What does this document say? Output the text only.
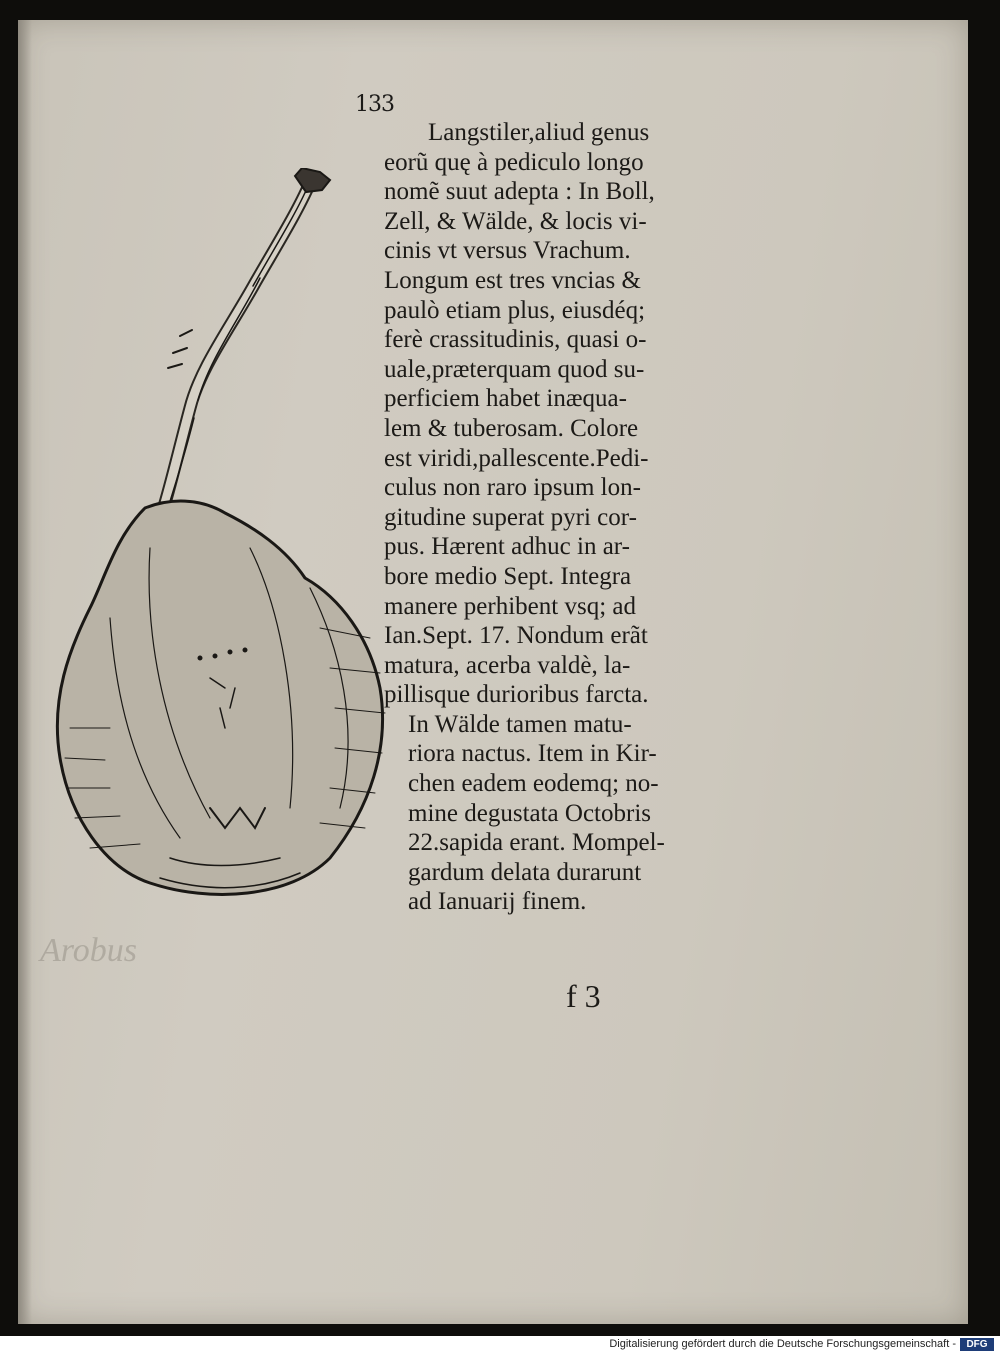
133
Arobus
Langstiler,aliud genus
eorũ quę à pediculo longo
nomẽ suut adepta : In Boll,
Zell, & Wälde, & locis vi-
cinis vt versus Vrachum.
Longum est tres vncias &
paulò etiam plus, eiusdéq;
ferè crassitudinis, quasi o-
uale,præterquam quod su-
perficiem habet inæqua-
lem & tuberosam. Colore
est viridi,pallescente.Pedi-
culus non raro ipsum lon-
gitudine superat pyri cor-
pus. Hærent adhuc in ar-
bore medio Sept. Integra
manere perhibent vsq; ad
Ian.Sept. 17. Nondum erãt
matura, acerba valdè, la-
pillisque durioribus farcta.
In Wälde tamen matu-
riora nactus. Item in Kir-
chen eadem eodemq; no-
mine degustata Octobris
22.sapida erant. Mompel-
gardum delata durarunt
ad Ianuarij finem.
f 3
Digitalisierung gefördert durch die Deutsche Forschungsgemeinschaft -	DFG
